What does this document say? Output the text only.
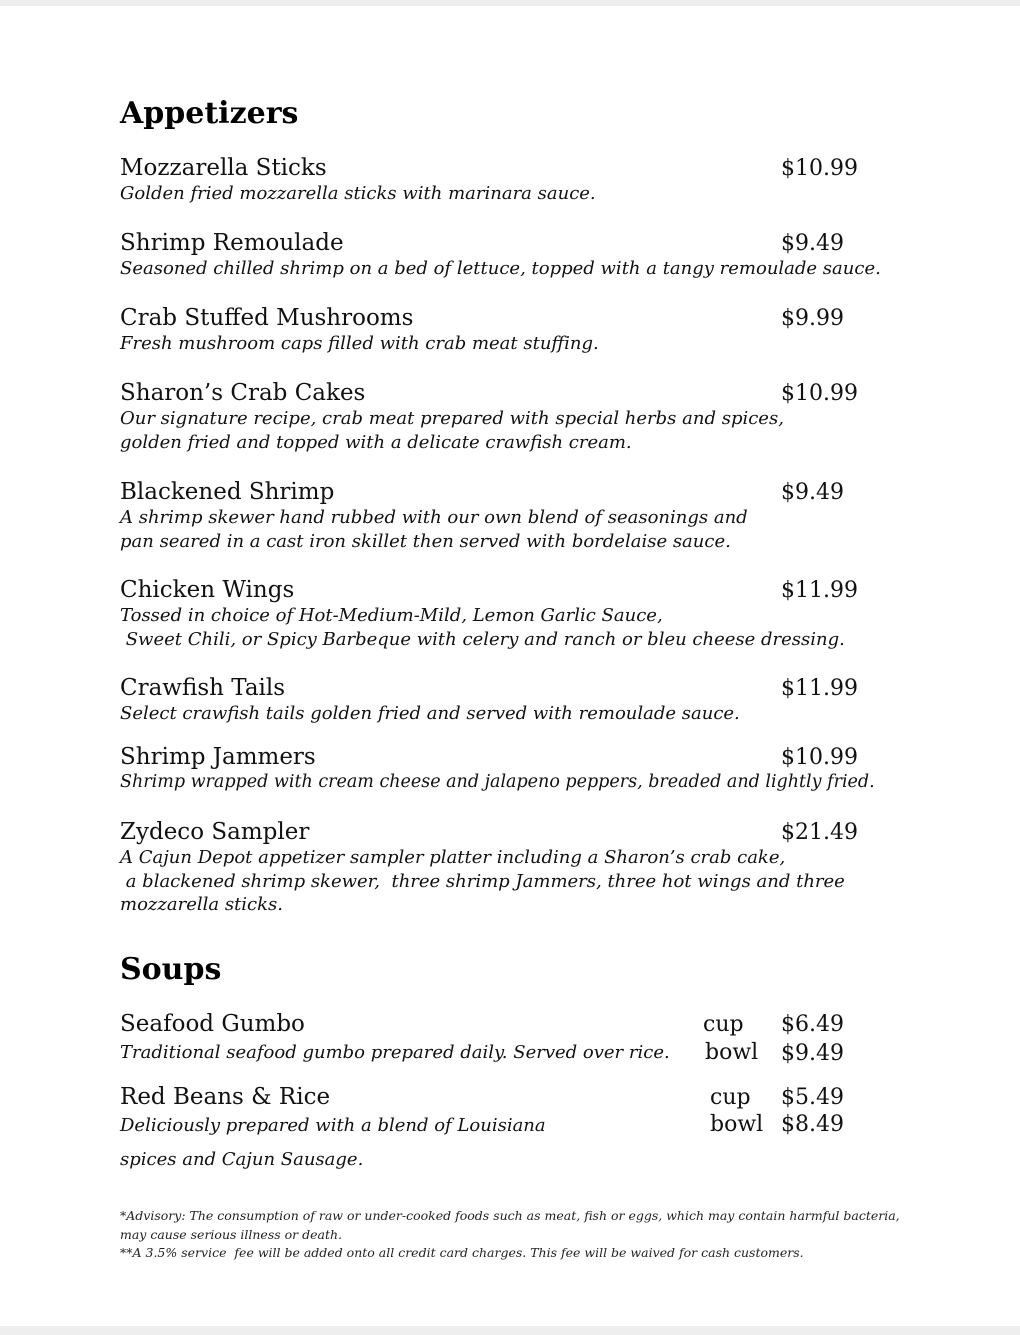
Appetizers
Mozzarella Sticks	$10.99
Golden fried mozzarella sticks with marinara sauce.
Shrimp Remoulade	$9.49
Seasoned chilled shrimp on a bed of lettuce, topped with a tangy remoulade sauce.
Crab Stuffed Mushrooms	$9.99
Fresh mushroom caps filled with crab meat stuffing.
Sharon’s Crab Cakes	$10.99
Our signature recipe, crab meat prepared with special herbs and spices,
golden fried and topped with a delicate crawfish cream.
Blackened Shrimp	$9.49
A shrimp skewer hand rubbed with our own blend of seasonings and
pan seared in a cast iron skillet then served with bordelaise sauce.
Chicken Wings	$11.99
Tossed in choice of Hot-Medium-Mild, Lemon Garlic Sauce,
Sweet Chili, or Spicy Barbeque with celery and ranch or bleu cheese dressing.
Crawfish Tails	$11.99
Select crawfish tails golden fried and served with remoulade sauce.
Shrimp Jammers	$10.99
Shrimp wrapped with cream cheese and jalapeno peppers, breaded and lightly fried.
Zydeco Sampler	$21.49
A Cajun Depot appetizer sampler platter including a Sharon’s crab cake,
a blackened shrimp skewer,  three shrimp Jammers, three hot wings and three
mozzarella sticks.
Soups
Seafood Gumbo	cup $6.49
Traditional seafood gumbo prepared daily. Served over rice. bowl $9.49
Red Beans & Rice	cup $5.49
Deliciously prepared with a blend of Louisiana	bowl $8.49
spices and Cajun Sausage.
*Advisory: The consumption of raw or under-cooked foods such as meat, fish or eggs, which may contain harmful bacteria,
may cause serious illness or death.
**A 3.5% service  fee will be added onto all credit card charges. This fee will be waived for cash customers.
